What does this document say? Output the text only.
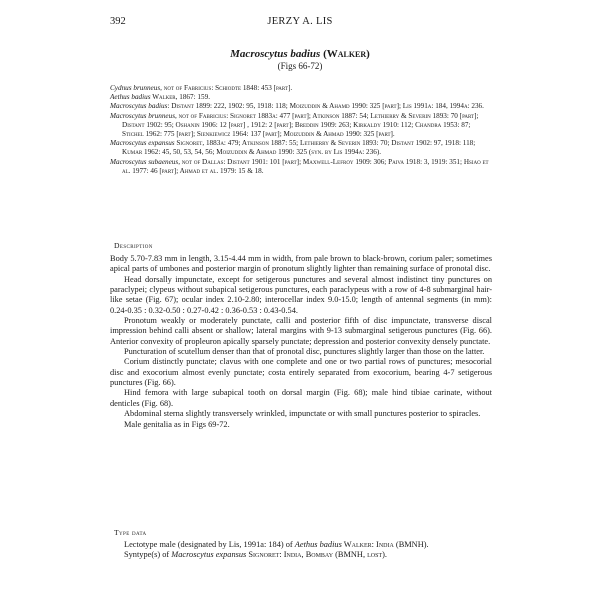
392	JERZY A. LIS
Macroscytus badius (Walker)
(Figs 66-72)

Cydnus brunneus, not of Fabricius: Schiodte 1848: 453 [part].

Aethus badius Walker, 1867: 159.

Macroscytus badius: Distant 1899: 222, 1902: 95, 1918: 118; Moizuddin & Ahamd 1990: 325 [part]; Lis 1991a: 184, 1994a: 236.

Macroscytus brunneus, not of Fabricius: Signoret 1883a: 477 [part]; Atkinson 1887: 54; Lethierry & Severin 1893: 70 [part]; Distant 1902: 95; Oshanin 1906: 12 [part] , 1912: 2 [part]; Breddin 1909: 263; Kirkaldy 1910: 112; Chandra 1953: 87; Stichel 1962: 775 [part]; Sienkiewicz 1964: 137 [part]; Moizuddin & Ahmad 1990: 325 [part].

Macroscytus expansus Signoret, 1883a: 479; Atkinson 1887: 55; Lethierry & Severin 1893: 70; Distant 1902: 97, 1918: 118; Kumar 1962: 45, 50, 53, 54, 56; Moizuddin & Ahmad 1990: 325 (syn. by Lis 1994a: 236).

Macroscytus subaeneus, not of Dallas: Distant 1901: 101 [part]; Maxwell-Lefroy 1909: 306; Paiva 1918: 3, 1919: 351; Hsiao et al. 1977: 46 [part]; Ahmad et al. 1979: 15 & 18.

Description

Body 5.70-7.83 mm in length, 3.15-4.44 mm in width, from pale brown to black-brown, corium paler; sometimes apical parts of umbones and posterior margin of pronotum slightly lighter than remaining surface of pronotal disc.

Head dorsally impunctate, except for setigerous punctures and several almost indistinct tiny punctures on paraclypei; clypeus without subapical setigerous punctures, each paraclypeus with a row of 4-8 submarginal hair-like setae (Fig. 67); ocular index 2.10-2.80; interocellar index 9.0-15.0; length of antennal segments (in mm): 0.24-0.35 : 0.32-0.50 : 0.27-0.42 : 0.36-0.53 : 0.43-0.54.

Pronotum weakly or moderately punctate, calli and posterior fifth of disc impunctate, transverse discal impression behind calli absent or shallow; lateral margins with 9-13 submarginal setigerous punctures (Fig. 66). Anterior convexity of propleuron apically sparsely punctate; depression and posterior convexity densely punctate.

Puncturation of scutellum denser than that of pronotal disc, punctures slightly larger than those on the latter.

Corium distinctly punctate; clavus with one complete and one or two partial rows of punctures; mesocorial disc and exocorium almost evenly punctate; costa entirely separated from exocorium, bearing 4-7 setigerous punctures (Fig. 66).

Hind femora with large subapical tooth on dorsal margin (Fig. 68); male hind tibiae carinate, without denticles (Fig. 68).

Abdominal sterna slightly transversely wrinkled, impunctate or with small punctures posterior to spiracles.

Male genitalia as in Figs 69-72.

Type data

Lectotype male (designated by Lis, 1991a: 184) of Aethus badius Walker: India (BMNH).

Syntype(s) of Macroscytus expansus Signoret: India, Bombay (BMNH, lost).
